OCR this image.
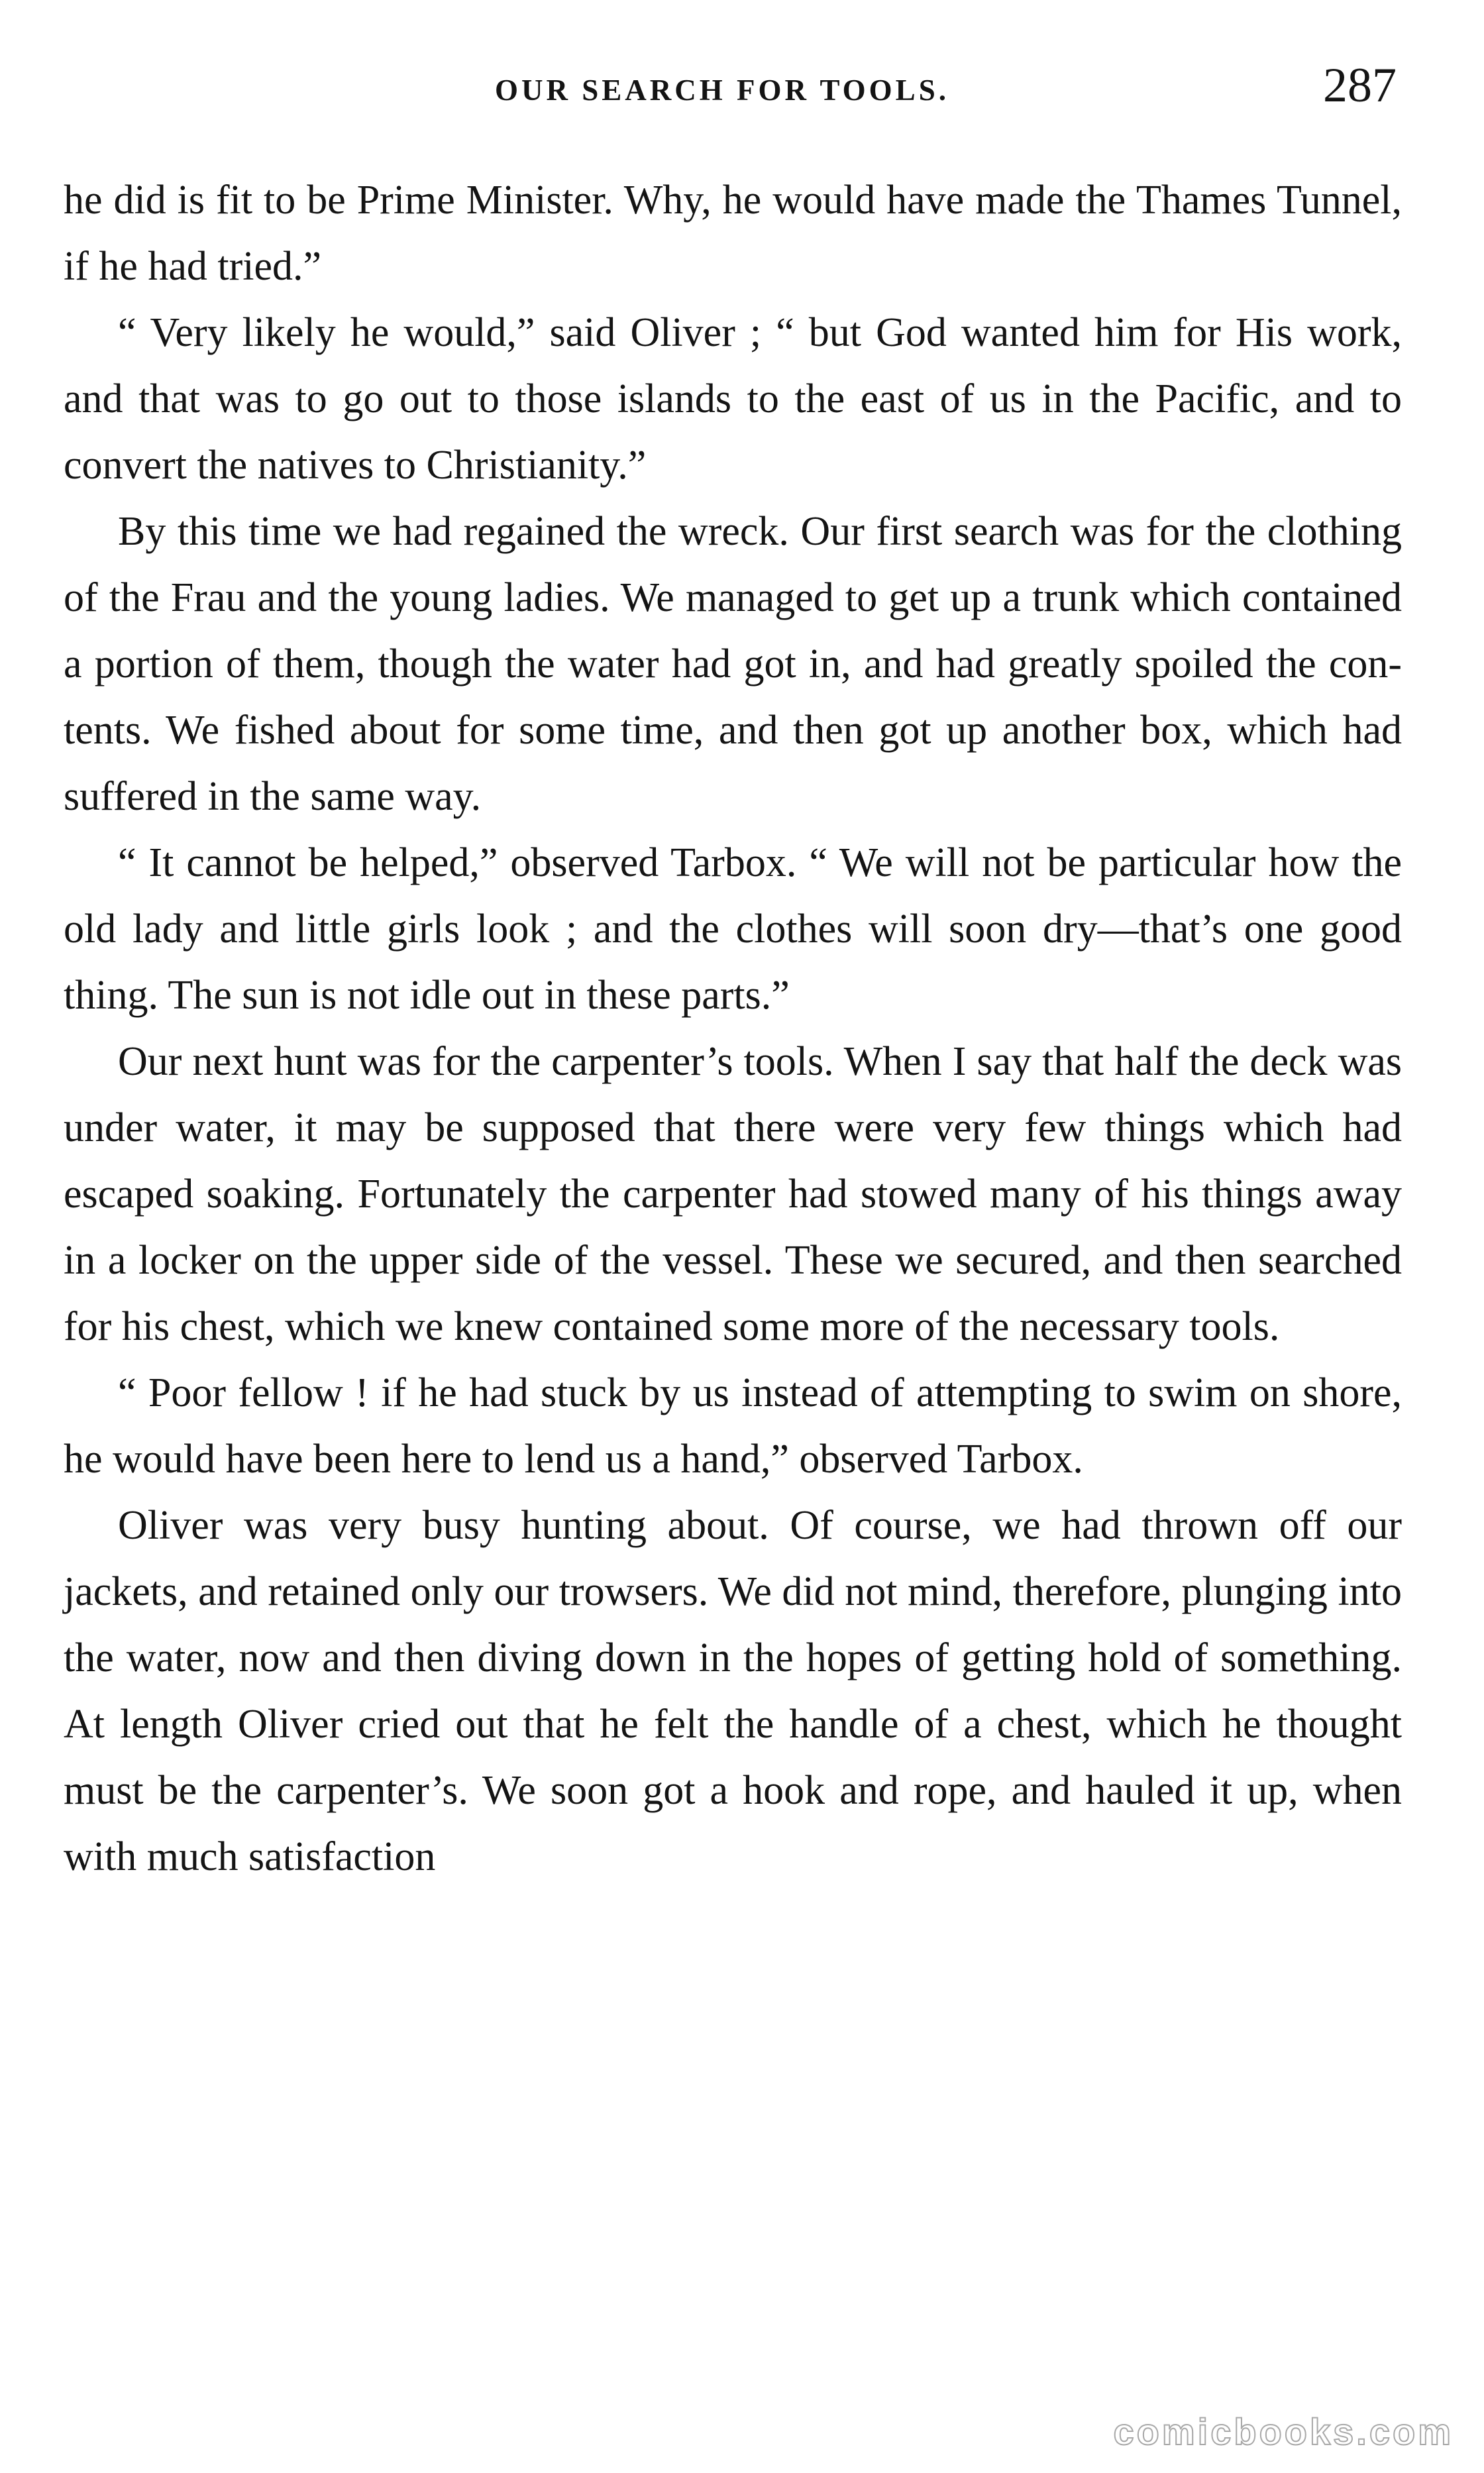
OUR SEARCH FOR TOOLS.	287

he did is fit to be Prime Minister. Why, he would have made the Thames Tunnel, if he had tried.”

“ Very likely he would,” said Oliver ; “ but God wanted him for His work, and that was to go out to those islands to the east of us in the Pacific, and to convert the natives to Christianity.”

By this time we had regained the wreck. Our first search was for the clothing of the Frau and the young ladies. We managed to get up a trunk which contained a portion of them, though the water had got in, and had greatly spoiled the contents. We fished about for some time, and then got up another box, which had suffered in the same way.

“ It cannot be helped,” observed Tarbox. “ We will not be particular how the old lady and little girls look ; and the clothes will soon dry—that’s one good thing. The sun is not idle out in these parts.”

Our next hunt was for the carpenter’s tools. When I say that half the deck was under water, it may be supposed that there were very few things which had escaped soaking. Fortunately the carpenter had stowed many of his things away in a locker on the upper side of the vessel. These we secured, and then searched for his chest, which we knew contained some more of the necessary tools.

“ Poor fellow ! if he had stuck by us instead of attempting to swim on shore, he would have been here to lend us a hand,” observed Tarbox.

Oliver was very busy hunting about. Of course, we had thrown off our jackets, and retained only our trowsers. We did not mind, therefore, plunging into the water, now and then diving down in the hopes of getting hold of something. At length Oliver cried out that he felt the handle of a chest, which he thought must be the carpenter’s. We soon got a hook and rope, and hauled it up, when with much satisfaction

comicbooks.com
